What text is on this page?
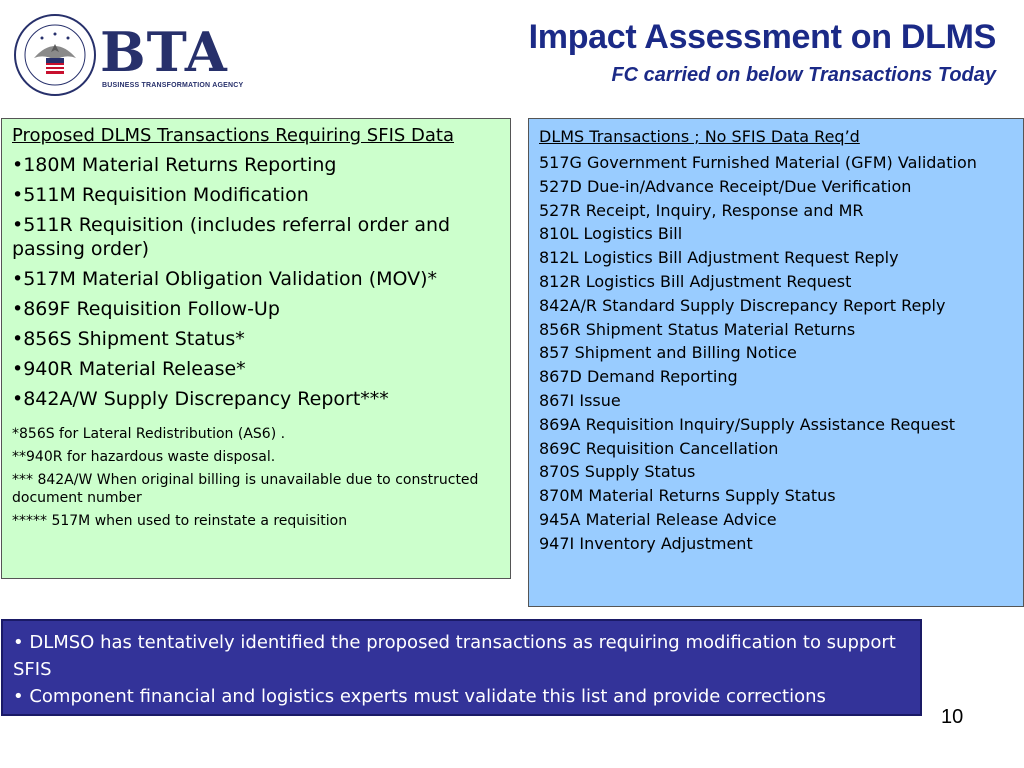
BTA
BUSINESS TRANSFORMATION AGENCY
Impact Assessment on DLMS
FC carried on below Transactions Today
Proposed DLMS Transactions Requiring SFIS Data
•180M Material Returns Reporting
•511M Requisition Modification
•511R Requisition (includes referral order and passing order)
•517M Material Obligation Validation (MOV)*
•869F Requisition Follow-Up
•856S Shipment Status*
•940R Material Release*
•842A/W Supply Discrepancy Report***
*856S for Lateral Redistribution (AS6) .
**940R for hazardous waste disposal.
*** 842A/W When original billing is unavailable due to constructed document number
***** 517M when used to reinstate a requisition
DLMS Transactions ; No SFIS Data Req’d
517G Government Furnished Material (GFM) Validation
527D Due-in/Advance Receipt/Due Verification
527R Receipt, Inquiry, Response and MR
810L Logistics Bill
812L Logistics Bill Adjustment Request Reply
812R Logistics Bill Adjustment Request
842A/R Standard Supply Discrepancy Report Reply
856R Shipment Status Material Returns
857 Shipment and Billing Notice
867D Demand Reporting
867I Issue
869A Requisition Inquiry/Supply Assistance Request
869C Requisition Cancellation
870S Supply Status
870M Material Returns Supply Status
945A Material Release Advice
947I Inventory Adjustment
• DLMSO has tentatively identified the proposed transactions as requiring modification to support SFIS
• Component financial and logistics experts must validate this list and provide corrections
10
